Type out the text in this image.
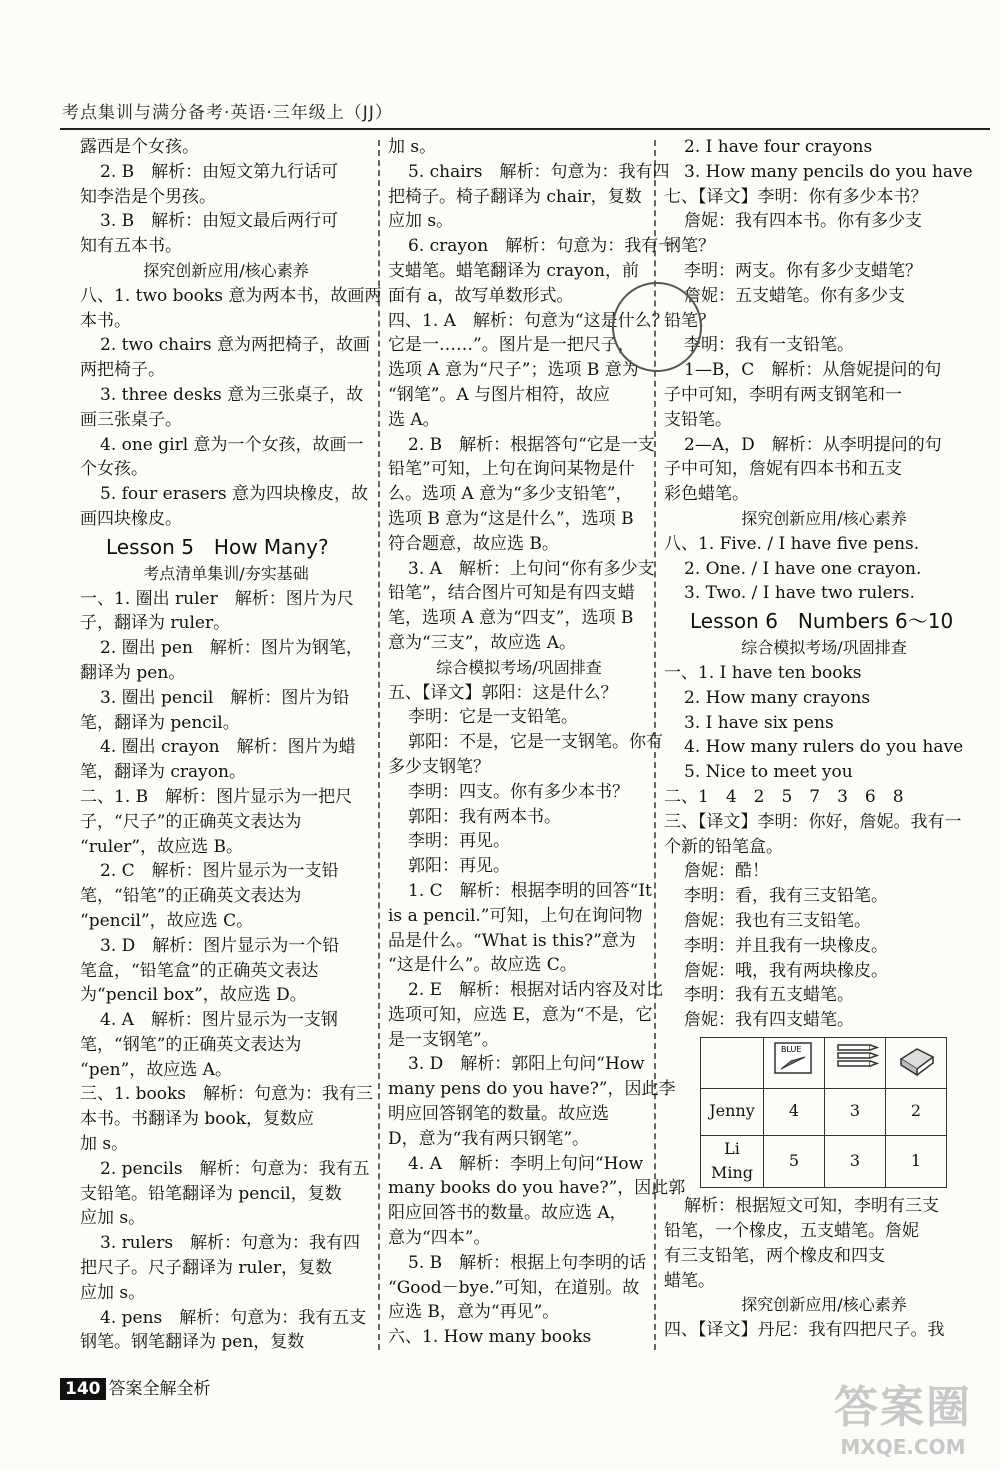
考点集训与满分备考·英语·三年级上（JJ）

露西是个女孩。

2. B　解析：由短文第九行话可

知李浩是个男孩。

3. B　解析：由短文最后两行可

知有五本书。

探究创新应用/核心素养

八、1. two books 意为两本书，故画两

本书。

2. two chairs 意为两把椅子，故画

两把椅子。

3. three desks 意为三张桌子，故

画三张桌子。

4. one girl 意为一个女孩，故画一

个女孩。

5. four erasers 意为四块橡皮，故

画四块橡皮。

Lesson 5　How Many?

考点清单集训/夯实基础

一、1. 圈出 ruler　解析：图片为尺

子，翻译为 ruler。

2. 圈出 pen　解析：图片为钢笔，

翻译为 pen。

3. 圈出 pencil　解析：图片为铅

笔，翻译为 pencil。

4. 圈出 crayon　解析：图片为蜡

笔，翻译为 crayon。

二、1. B　解析：图片显示为一把尺

子，“尺子”的正确英文表达为

“ruler”，故应选 B。

2. C　解析：图片显示为一支铅

笔，“铅笔”的正确英文表达为

“pencil”，故应选 C。

3. D　解析：图片显示为一个铅

笔盒，“铅笔盒”的正确英文表达

为“pencil box”，故应选 D。

4. A　解析：图片显示为一支钢

笔，“钢笔”的正确英文表达为

“pen”，故应选 A。

三、1. books　解析：句意为：我有三

本书。书翻译为 book，复数应

加 s。

2. pencils　解析：句意为：我有五

支铅笔。铅笔翻译为 pencil，复数

应加 s。

3. rulers　解析：句意为：我有四

把尺子。尺子翻译为 ruler，复数

应加 s。

4. pens　解析：句意为：我有五支

钢笔。钢笔翻译为 pen，复数

加 s。

5. chairs　解析：句意为：我有四

把椅子。椅子翻译为 chair，复数

应加 s。

6. crayon　解析：句意为：我有一

支蜡笔。蜡笔翻译为 crayon，前

面有 a，故写单数形式。

四、1. A　解析：句意为“这是什么？

它是一……”。图片是一把尺子，

选项 A 意为“尺子”；选项 B 意为

“钢笔”。A 与图片相符，故应

选 A。

2. B　解析：根据答句“它是一支

铅笔”可知，上句在询问某物是什

么。选项 A 意为“多少支铅笔”，

选项 B 意为“这是什么”，选项 B

符合题意，故应选 B。

3. A　解析：上句问“你有多少支

铅笔”，结合图片可知是有四支蜡

笔，选项 A 意为“四支”，选项 B

意为“三支”，故应选 A。

综合模拟考场/巩固排查

五、【译文】郭阳：这是什么？

李明：它是一支铅笔。

郭阳：不是，它是一支钢笔。你有

多少支钢笔？

李明：四支。你有多少本书？

郭阳：我有两本书。

李明：再见。

郭阳：再见。

1. C　解析：根据李明的回答“It

is a pencil.”可知，上句在询问物

品是什么。“What is this?”意为

“这是什么”。故应选 C。

2. E　解析：根据对话内容及对比

选项可知，应选 E，意为“不是，它

是一支钢笔”。

3. D　解析：郭阳上句问“How

many pens do you have?”，因此李

明应回答钢笔的数量。故应选

D，意为“我有两只钢笔”。

4. A　解析：李明上句问“How

many books do you have?”，因此郭

阳应回答书的数量。故应选 A，

意为“四本”。

5. B　解析：根据上句李明的话

“Good－bye.”可知，在道别。故

应选 B，意为“再见”。

六、1. How many books

2. I have four crayons

3. How many pencils do you have

七、【译文】李明：你有多少本书？

詹妮：我有四本书。你有多少支

钢笔？

李明：两支。你有多少支蜡笔？

詹妮：五支蜡笔。你有多少支

铅笔？

李明：我有一支铅笔。

1—B，C　解析：从詹妮提问的句

子中可知，李明有两支钢笔和一

支铅笔。

2—A，D　解析：从李明提问的句

子中可知，詹妮有四本书和五支

彩色蜡笔。

探究创新应用/核心素养

八、1. Five. / I have five pens.

2. One. / I have one crayon.

3. Two. / I have two rulers.

Lesson 6　Numbers 6～10

综合模拟考场/巩固排查

一、1. I have ten books

2. How many crayons

3. I have six pens

4. How many rulers do you have

5. Nice to meet you

二、1　4　2　5　7　3　6　8

三、【译文】李明：你好，詹妮。我有一

个新的铅笔盒。

詹妮：酷！

李明：看，我有三支铅笔。

詹妮：我也有三支铅笔。

李明：并且我有一块橡皮。

詹妮：哦，我有两块橡皮。

李明：我有五支蜡笔。

詹妮：我有四支蜡笔。

BLUE

Jenny	4	3	2
Li Ming	5	3	1

解析：根据短文可知，李明有三支

铅笔，一个橡皮，五支蜡笔。詹妮

有三支铅笔，两个橡皮和四支

蜡笔。

探究创新应用/核心素养

四、【译文】丹尼：我有四把尺子。我

140 答案全解全析	答案圈
MXQE.COM
